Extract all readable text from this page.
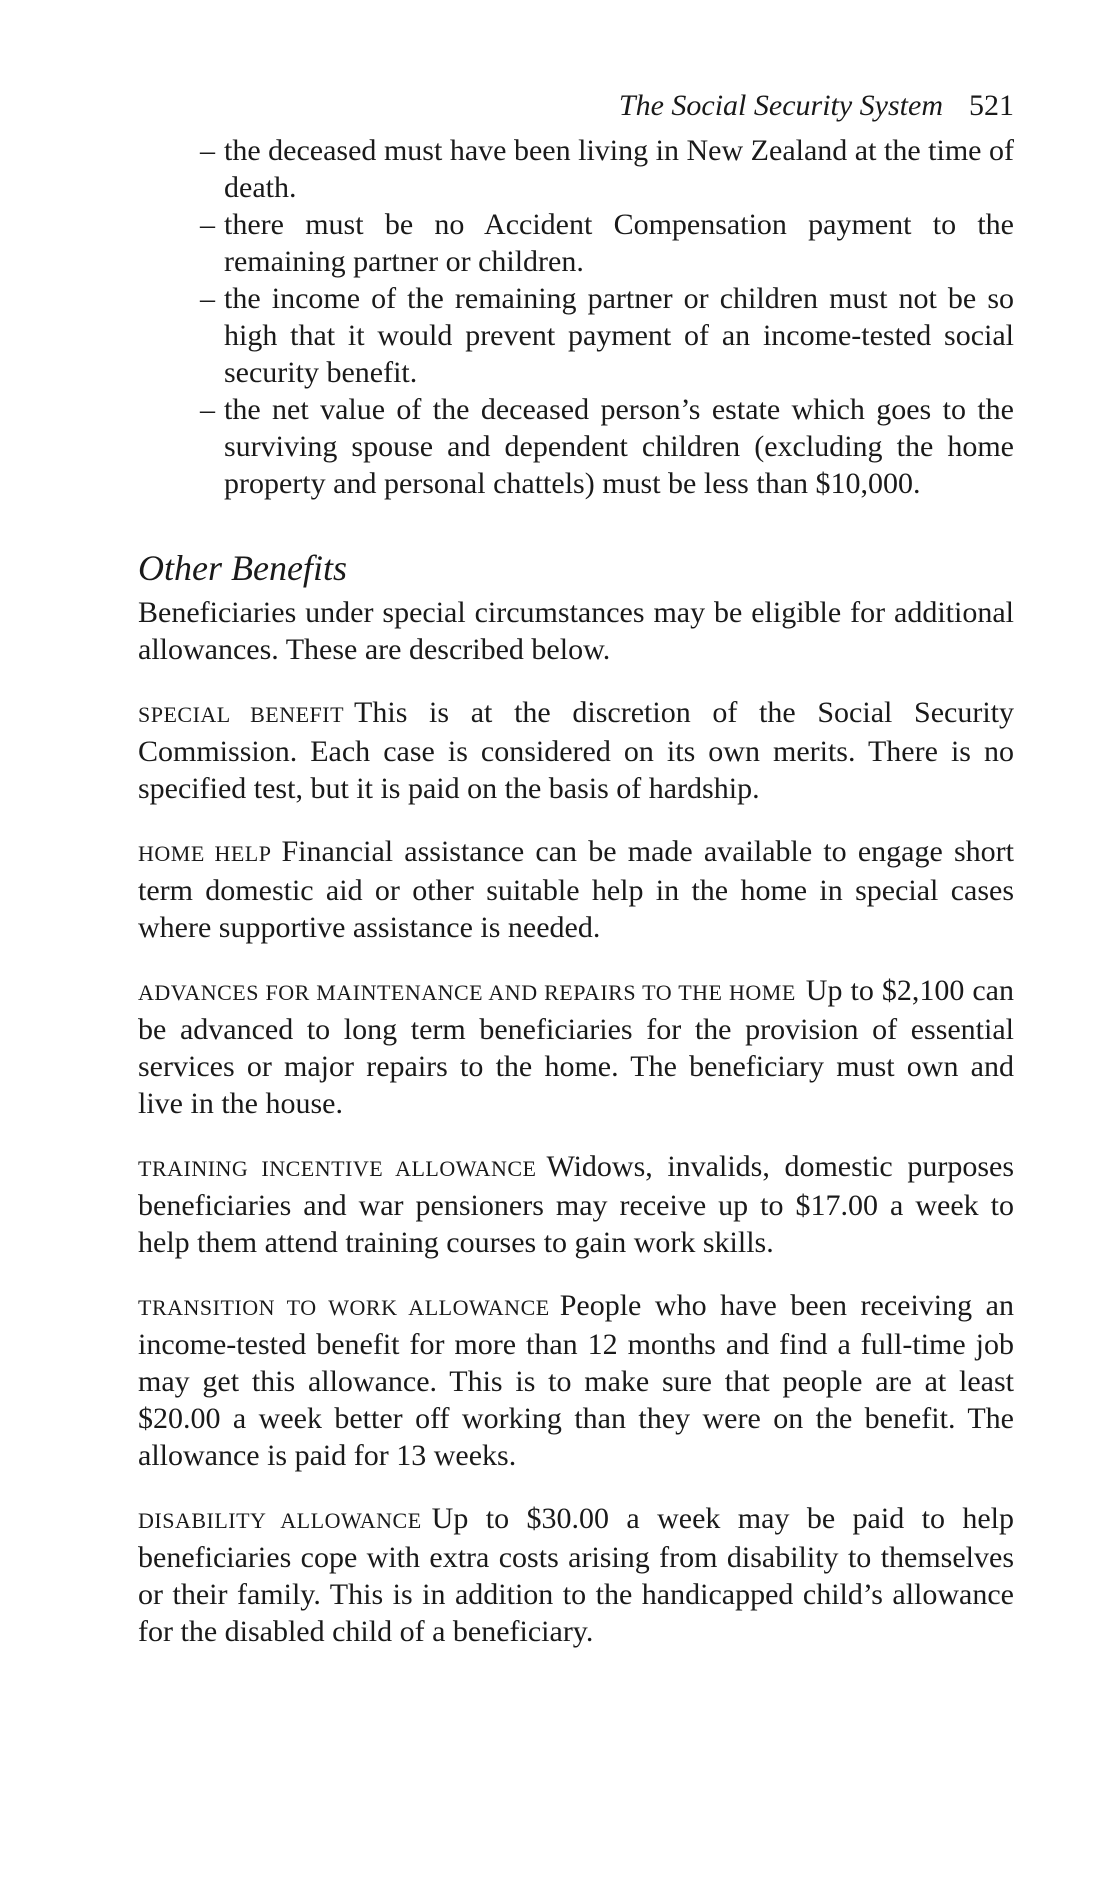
The Social Security System 521
– the deceased must have been living in New Zealand at the time of death.
– there must be no Accident Compensation payment to the remaining partner or children.
– the income of the remaining partner or children must not be so high that it would prevent payment of an income-tested social security benefit.
– the net value of the deceased person’s estate which goes to the surviving spouse and dependent children (excluding the home property and personal chattels) must be less than $10,000.
Other Benefits

Beneficiaries under special circumstances may be eligible for additional allowances. These are described below.

SPECIAL BENEFIT This is at the discretion of the Social Security Commission. Each case is considered on its own merits. There is no specified test, but it is paid on the basis of hardship.

HOME HELP Financial assistance can be made available to engage short term domestic aid or other suitable help in the home in special cases where supportive assistance is needed.

ADVANCES FOR MAINTENANCE AND REPAIRS TO THE HOME Up to $2,100 can be advanced to long term beneficiaries for the provision of essential services or major repairs to the home. The beneficiary must own and live in the house.

TRAINING INCENTIVE ALLOWANCE Widows, invalids, domestic purposes beneficiaries and war pensioners may receive up to $17.00 a week to help them attend training courses to gain work skills.

TRANSITION TO WORK ALLOWANCE People who have been receiving an income-tested benefit for more than 12 months and find a full-time job may get this allowance. This is to make sure that people are at least $20.00 a week better off working than they were on the benefit. The allowance is paid for 13 weeks.

DISABILITY ALLOWANCE Up to $30.00 a week may be paid to help beneficiaries cope with extra costs arising from disability to themselves or their family. This is in addition to the handicapped child’s allowance for the disabled child of a beneficiary.
